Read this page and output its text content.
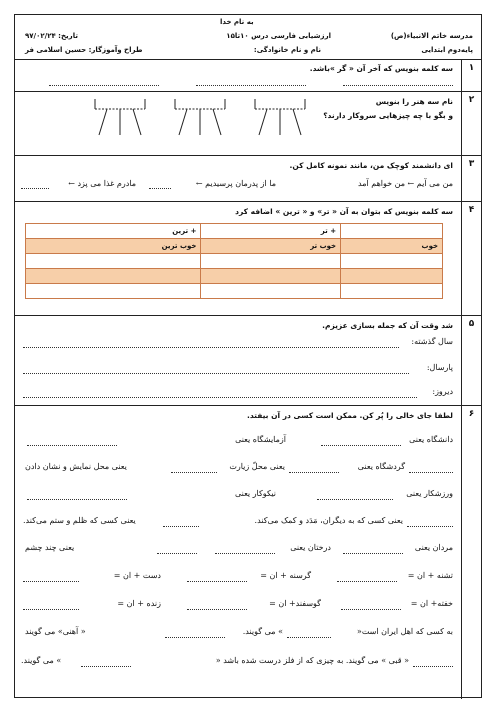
به نام خدا
مدرسه خاتم الانبیاء(ص)
ارزشیابی فارسی درس ۱۰تا۱۵
تاریخ: ۹۷/۰۲/۲۴
پایه‌دوم ابتدایی
نام و نام خانوادگی:
طراح وآموزگار: حسین اسلامی فر
۱
سه کلمه بنویس که آخر آن « گر »باشد.
۲
نام سه هنر را بنویس
و بگو با چه چیزهایی سروکار دارند؟
۳
ای دانشمند کوچک من، مانند نمونه کامل کن.
من می آیم ← من خواهم آمد
ما از پدرمان پرسیدیم ←
مادرم غذا می پزد ←
۴
سه کلمه بنویس که بتوان به آن « تر» و « ترین » اضافه کرد
	+ تر	+ ترین
خوب	خوب تر	خوب ترین

۵
شد وقت آن که جمله بسازی عزیزم.
سال گذشته:
پارسال:
دیروز:
۶
لطفا جای خالی را پُر کن. ممکن است کسی در آن بیفتد.
دانشگاه یعنی
آزمایشگاه یعنی
گردشگاه یعنی
یعنی محلّ زیارت
یعنی محل نمایش و نشان دادن
ورزشکار یعنی
نیکوکار یعنی
یعنی کسی که به دیگران، مَدَد و کمک می‌کند.
یعنی کسی که ظلم و ستم می‌کند.
مردان یعنی
درختان یعنی
یعنی چند چشم
تشنه + ان =
گرسنه + ان =
دست + ان =
خفته+ ان =
گوسفند+ ان =
زنده + ان =
به کسی که اهل ایران است«
» می گویند.
« آهنی» می گویند
« قبی » می گویند. به چیزی که از فلز درست شده باشد «
» می گویند.
